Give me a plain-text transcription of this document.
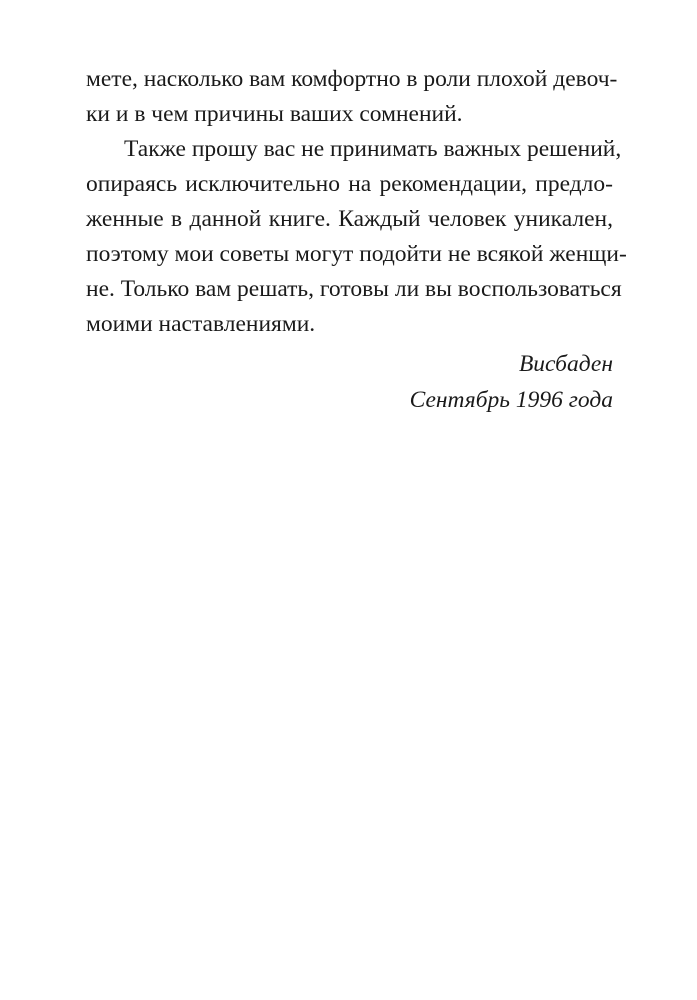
мете, насколько вам комфортно в роли плохой девоч-
ки и в чем причины ваших сомнений.
Также прошу вас не принимать важных решений,
опираясь исключительно на рекомендации, предло-
женные в данной книге. Каждый человек уникален,
поэтому мои советы могут подойти не всякой женщи-
не. Только вам решать, готовы ли вы воспользоваться
моими наставлениями.
Висбаден
Сентябрь 1996 года
